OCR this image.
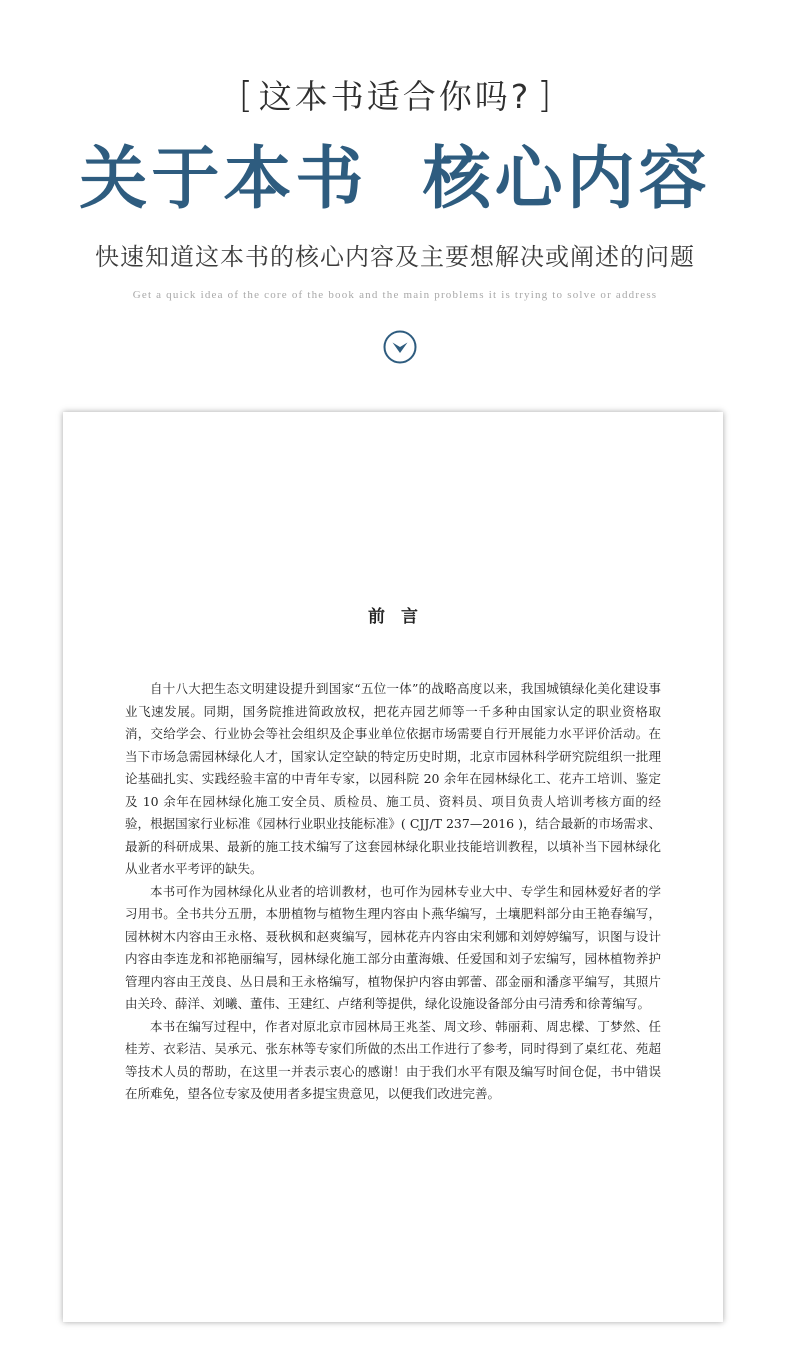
[ 这本书适合你吗? ]
关于本书  核心内容
快速知道这本书的核心内容及主要想解决或阐述的问题
Get a quick idea of the core of the book and the main problems it is trying to solve or address
前言

自十八大把生态文明建设提升到国家“五位一体”的战略高度以来，我国城镇绿化美化建设事业飞速发展。同期，国务院推进简政放权，把花卉园艺师等一千多种由国家认定的职业资格取消，交给学会、行业协会等社会组织及企事业单位依据市场需要自行开展能力水平评价活动。在当下市场急需园林绿化人才，国家认定空缺的特定历史时期，北京市园林科学研究院组织一批理论基础扎实、实践经验丰富的中青年专家，以园科院 20 余年在园林绿化工、花卉工培训、鉴定及 10 余年在园林绿化施工安全员、质检员、施工员、资料员、项目负责人培训考核方面的经验，根据国家行业标准《园林行业职业技能标准》( CJJ/T 237—2016 )，结合最新的市场需求、最新的科研成果、最新的施工技术编写了这套园林绿化职业技能培训教程，以填补当下园林绿化从业者水平考评的缺失。

本书可作为园林绿化从业者的培训教材，也可作为园林专业大中、专学生和园林爱好者的学习用书。全书共分五册，本册植物与植物生理内容由卜燕华编写，土壤肥料部分由王艳春编写，园林树木内容由王永格、聂秋枫和赵爽编写，园林花卉内容由宋利娜和刘婷婷编写，识图与设计内容由李连龙和祁艳丽编写，园林绿化施工部分由董海娥、任爱国和刘子宏编写，园林植物养护管理内容由王茂良、丛日晨和王永格编写，植物保护内容由郭蕾、邵金丽和潘彦平编写，其照片由关玲、薛洋、刘曦、董伟、王建红、卢绪利等提供，绿化设施设备部分由弓清秀和徐菁编写。

本书在编写过程中，作者对原北京市园林局王兆荃、周文珍、韩丽莉、周忠樑、丁梦然、任桂芳、衣彩洁、吴承元、张东林等专家们所做的杰出工作进行了参考，同时得到了桌红花、苑超等技术人员的帮助，在这里一并表示衷心的感谢！由于我们水平有限及编写时间仓促，书中错误在所难免，望各位专家及使用者多提宝贵意见，以便我们改进完善。
